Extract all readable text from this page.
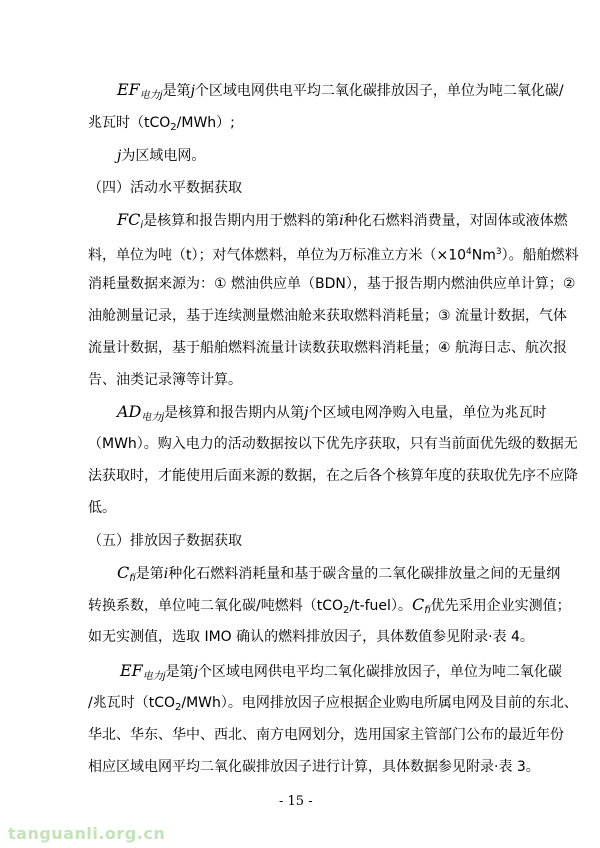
$EF_{电力j}$是第j个区域电网供电平均二氧化碳排放因子，单位为吨二氧化碳/
兆瓦时（tCO$_2$/MWh）;
j为区域电网。
（四）活动水平数据获取
$FC_i$是核算和报告期内用于燃料的第i种化石燃料消费量，对固体或液体燃
料，单位为吨（t）；对气体燃料，单位为万标准立方米$(\times 10^4Nm^3)$。船舶燃料
消耗量数据来源为：① 燃油供应单（BDN），基于报告期内燃油供应单计算；②
油舱测量记录，基于连续测量燃油舱来获取燃料消耗量；③ 流量计数据，气体
流量计数据，基于船舶燃料流量计读数获取燃料消耗量；④ 航海日志、航次报
告、油类记录簿等计算。
$AD_{电力j}$是核算和报告期内从第j个区域电网净购入电量，单位为兆瓦时
（MWh）。购入电力的活动数据按以下优先序获取，只有当前面优先级的数据无
法获取时，才能使用后面来源的数据，在之后各个核算年度的获取优先序不应降
低。
（五）排放因子数据获取
$C_{fi}$是第i种化石燃料消耗量和基于碳含量的二氧化碳排放量之间的无量纲
转换系数，单位吨二氧化碳/吨燃料（tCO$_2$/t-fuel）。$C_{fi}$优先采用企业实测值；
如无实测值，选取 IMO 确认的燃料排放因子，具体数值参见附录·表 4。
$EF_{电力j}$是第j个区域电网供电平均二氧化碳排放因子，单位为吨二氧化碳
/兆瓦时（tCO$_2$/MWh）。电网排放因子应根据企业购电所属电网及目前的东北、
华北、华东、华中、西北、南方电网划分，选用国家主管部门公布的最近年份
相应区域电网平均二氧化碳排放因子进行计算，具体数据参见附录·表 3。
- 15 -
tanguanli.org.cn
